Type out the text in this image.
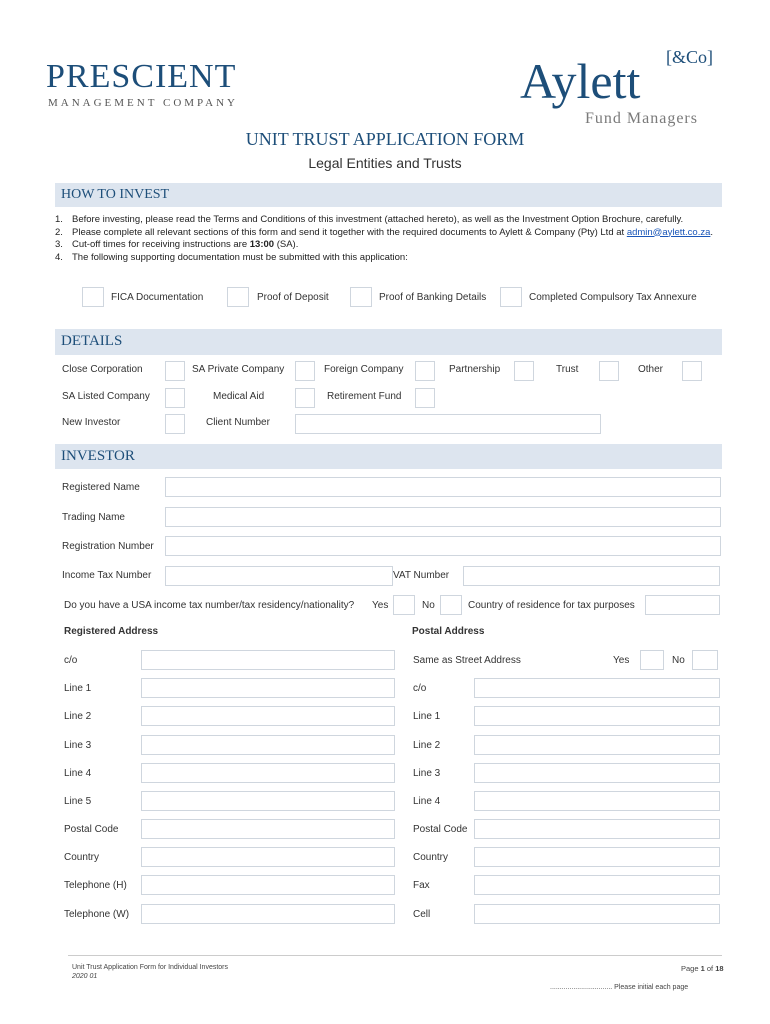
PRESCIENT
MANAGEMENT COMPANY
[&Co]
Aylett
Fund Managers
UNIT TRUST APPLICATION FORM
Legal Entities and Trusts
HOW TO INVEST
1. Before investing, please read the Terms and Conditions of this investment (attached hereto), as well as the Investment Option Brochure, carefully.
2. Please complete all relevant sections of this form and send it together with the required documents to Aylett & Company (Pty) Ltd at admin@aylett.co.za.
3. Cut-off times for receiving instructions are 13:00 (SA).
4. The following supporting documentation must be submitted with this application:
FICA Documentation	Proof of Deposit	Proof of Banking Details	Completed Compulsory Tax Annexure
DETAILS
Close Corporation	SA Private Company	Foreign Company	Partnership	Trust	Other
SA Listed Company	Medical Aid	Retirement Fund
New Investor	Client Number
INVESTOR
Registered Name
Trading Name
Registration Number
Income Tax Number	VAT Number
Do you have a USA income tax number/tax residency/nationality? Yes	No	Country of residence for tax purposes
Registered Address	Postal Address
c/o
Line 1
Line 2
Line 3
Line 4
Line 5
Postal Code
Country
Telephone (H)
Telephone (W)
Same as Street Address	Yes	No
c/o
Line 1
Line 2
Line 3
Line 4
Postal Code
Country
Fax
Cell
Unit Trust Application Form for Individual Investors
2020 01
Page 1 of 18
................................ Please initial each page
